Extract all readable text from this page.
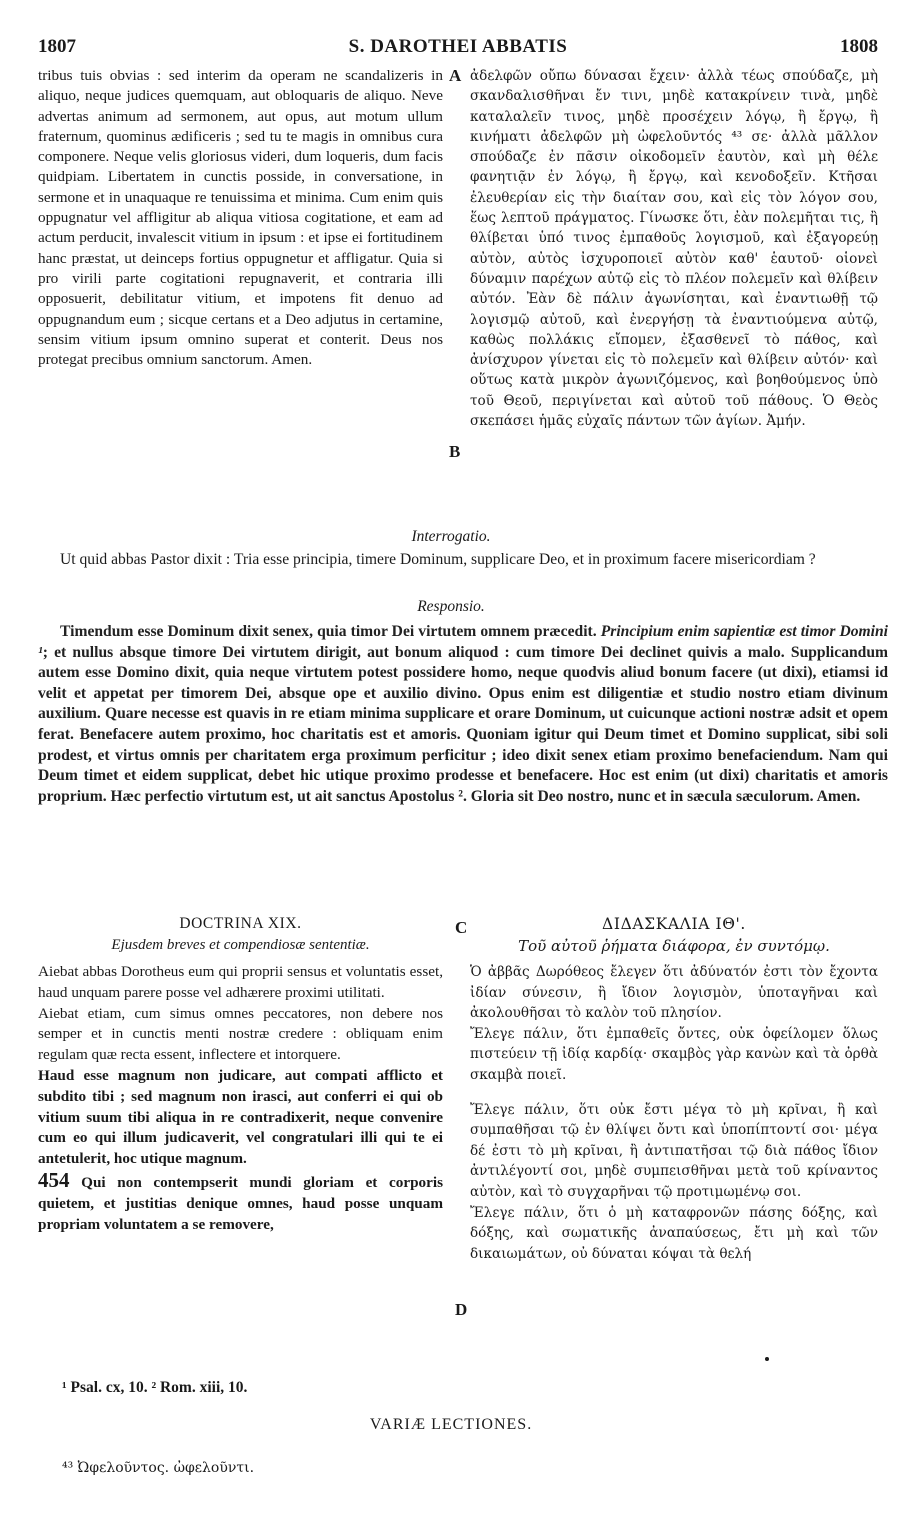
1807	S. DAROTHEI ABBATIS	1808

tribus tuis obvias : sed interim da operam ne scandalizeris in aliquo, neque judices quemquam, aut obloquaris de aliquo. Neve advertas animum ad sermonem, aut opus, aut motum ullum fraternum, quominus ædificeris ; sed tu te magis in omnibus cura componere. Neque velis gloriosus videri, dum loqueris, dum facis quidpiam. Libertatem in cunctis posside, in conversatione, in sermone et in unaquaque re tenuissima et minima. Cum enim quis oppugnatur vel affligitur ab aliqua vitiosa cogitatione, et eam ad actum perducit, invalescit vitium in ipsum : et ipse ei fortitudinem hanc præstat, ut deinceps fortius oppugnetur et affligatur. Quia si pro virili parte cogitationi repugnaverit, et contraria illi opposuerit, debilitatur vitium, et impotens fit denuo ad oppugnandum eum ; sicque certans et a Deo adjutus in certamine, sensim vitium ipsum omnino superat et conterit. Deus nos protegat precibus omnium sanctorum. Amen.

A
B

ἀδελφῶν οὔπω δύνασαι ἔχειν· ἀλλὰ τέως σπούδαζε, μὴ σκανδαλισθῆναι ἔν τινι, μηδὲ κατακρίνειν τινὰ, μηδὲ καταλαλεῖν τινος, μηδὲ προσέχειν λόγῳ, ἢ ἔργῳ, ἢ κινήματι ἀδελφῶν μὴ ὠφελοῦντός ⁴³ σε· ἀλλὰ μᾶλλον σπούδαζε ἐν πᾶσιν οἰκοδομεῖν ἑαυτὸν, καὶ μὴ θέλε φανητιᾷν ἐν λόγῳ, ἢ ἔργῳ, καὶ κενοδοξεῖν. Κτῆσαι ἐλευθερίαν εἰς τὴν διαίταν σου, καὶ εἰς τὸν λόγον σου, ἕως λεπτοῦ πράγματος. Γίνωσκε ὅτι, ἐὰν πολεμῆται τις, ἢ θλίβεται ὑπό τινος ἐμπαθοῦς λογισμοῦ, καὶ ἐξαγορεύῃ αὐτὸν, αὐτὸς ἰσχυροποιεῖ αὐτὸν καθ' ἑαυτοῦ· οἱονεὶ δύναμιν παρέχων αὐτῷ εἰς τὸ πλέον πολεμεῖν καὶ θλίβειν αὐτόν. Ἐὰν δὲ πάλιν ἀγωνίσηται, καὶ ἐναντιωθῇ τῷ λογισμῷ αὐτοῦ, καὶ ἐνεργήσῃ τὰ ἐναντιούμενα αὐτῷ, καθὼς πολλάκις εἴπομεν, ἐξασθενεῖ τὸ πάθος, καὶ ἀνίσχυρον γίνεται εἰς τὸ πολεμεῖν καὶ θλίβειν αὐτόν· καὶ οὕτως κατὰ μικρὸν ἀγωνιζόμενος, καὶ βοηθούμενος ὑπὸ τοῦ Θεοῦ, περιγίνεται καὶ αὐτοῦ τοῦ πάθους. Ὁ Θεὸς σκεπάσει ἡμᾶς εὐχαῖς πάντων τῶν ἁγίων. Ἀμήν.

Interrogatio.

Ut quid abbas Pastor dixit : Tria esse principia, timere Dominum, supplicare Deo, et in proximum facere misericordiam ?

Responsio.

Timendum esse Dominum dixit senex, quia timor Dei virtutem omnem præcedit. Principium enim sapientiæ est timor Domini ¹; et nullus absque timore Dei virtutem dirigit, aut bonum aliquod : cum timore Dei declinet quivis a malo. Supplicandum autem esse Domino dixit, quia neque virtutem potest possidere homo, neque quodvis aliud bonum facere (ut dixi), etiamsi id velit et appetat per timorem Dei, absque ope et auxilio divino. Opus enim est diligentiæ et studio nostro etiam divinum auxilium. Quare necesse est quavis in re etiam minima supplicare et orare Dominum, ut cuicunque actioni nostræ adsit et opem ferat. Benefacere autem proximo, hoc charitatis est et amoris. Quoniam igitur qui Deum timet et Domino supplicat, sibi soli prodest, et virtus omnis per charitatem erga proximum perficitur ; ideo dixit senex etiam proximo benefaciendum. Nam qui Deum timet et eidem supplicat, debet hic utique proximo prodesse et benefacere. Hoc est enim (ut dixi) charitatis et amoris proprium. Hæc perfectio virtutum est, ut ait sanctus Apostolus ². Gloria sit Deo nostro, nunc et in sæcula sæculorum. Amen.

DOCTRINA XIX.
Ejusdem breves et compendiosæ sententiæ.
C	ΔΙΔΑΣΚΑΛΙΑ ΙΘ'.
Τοῦ αὐτοῦ ῥήματα διάφορα, ἐν συντόμῳ.

Aiebat abbas Dorotheus eum qui proprii sensus et voluntatis esset, haud unquam parere posse vel adhærere proximi utilitati.

Aiebat etiam, cum simus omnes peccatores, non debere nos semper et in cunctis menti nostræ credere : obliquam enim regulam quæ recta essent, inflectere et intorquere.

Haud esse magnum non judicare, aut compati afflicto et subdito tibi ; sed magnum non irasci, aut conferri ei qui ob vitium suum tibi aliqua in re contradixerit, neque convenire cum eo qui illum judicaverit, vel congratulari illi qui te ei antetulerit, hoc utique magnum.

454 Qui non contempserit mundi gloriam et corporis quietem, et justitias denique omnes, haud posse unquam propriam voluntatem a se removere,

D

Ὁ ἀββᾶς Δωρόθεος ἔλεγεν ὅτι ἀδύνατόν ἐστι τὸν ἔχοντα ἰδίαν σύνεσιν, ἢ ἴδιον λογισμὸν, ὑποταγῆναι καὶ ἀκολουθῆσαι τὸ καλὸν τοῦ πλησίον.

Ἔλεγε πάλιν, ὅτι ἐμπαθεῖς ὄντες, οὐκ ὀφείλομεν ὅλως πιστεύειν τῇ ἰδίᾳ καρδίᾳ· σκαμβὸς γὰρ κανὼν καὶ τὰ ὀρθὰ σκαμβὰ ποιεῖ.

Ἔλεγε πάλιν, ὅτι οὐκ ἔστι μέγα τὸ μὴ κρῖναι, ἢ καὶ συμπαθῆσαι τῷ ἐν θλίψει ὄντι καὶ ὑποπίπτοντί σοι· μέγα δέ ἐστι τὸ μὴ κρῖναι, ἢ ἀντιπατῆσαι τῷ διὰ πάθος ἴδιον ἀντιλέγοντί σοι, μηδὲ συμπεισθῆναι μετὰ τοῦ κρίναντος αὐτὸν, καὶ τὸ συγχαρῆναι τῷ προτιμωμένῳ σοι.

Ἔλεγε πάλιν, ὅτι ὁ μὴ καταφρονῶν πάσης δόξης, καὶ δόξης, καὶ σωματικῆς ἀναπαύσεως, ἔτι μὴ καὶ τῶν δικαιωμάτων, οὐ δύναται κόψαι τὰ θελή

¹ Psal. cx, 10. ² Rom. xiii, 10.
VARIÆ LECTIONES.
⁴³ Ὠφελοῦντος. ὠφελοῦντι.
